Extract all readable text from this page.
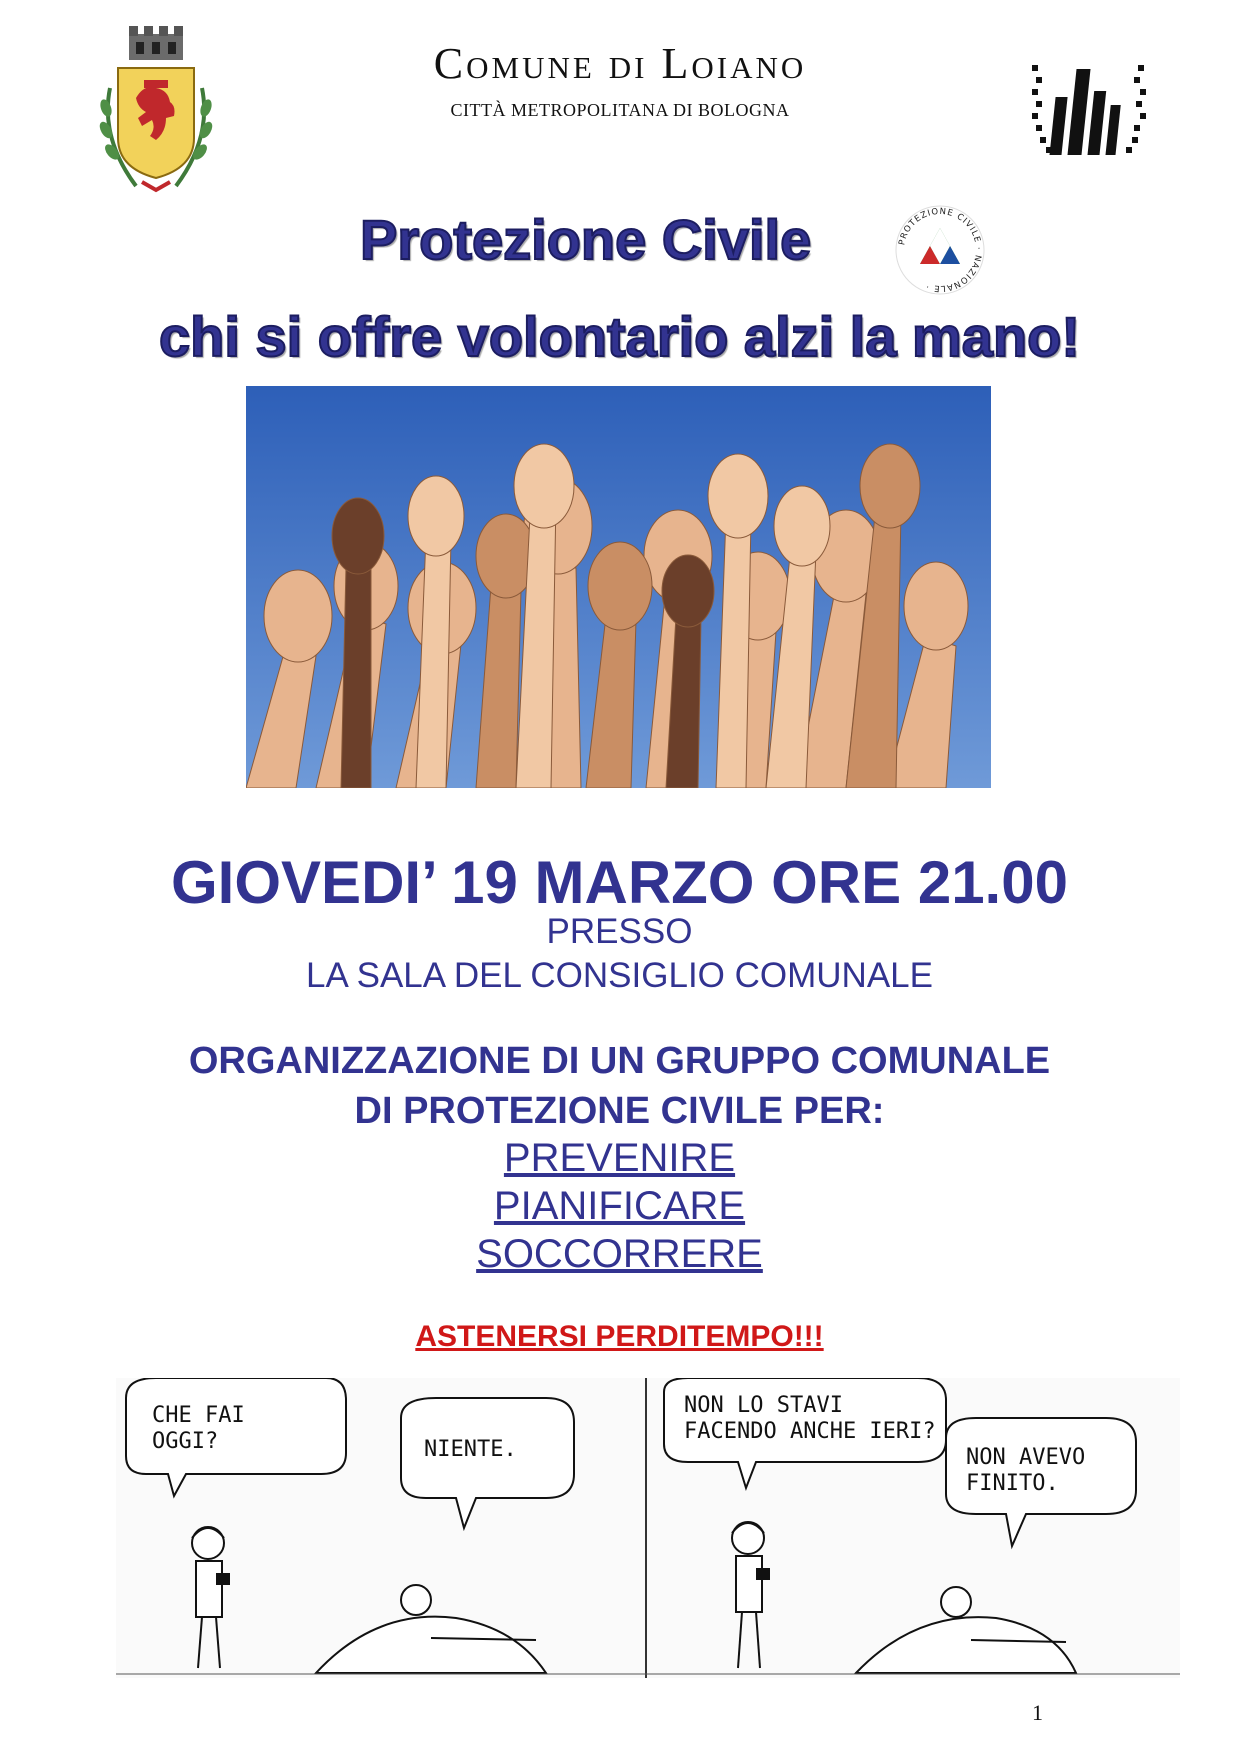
Comune di Loiano
CITTÀ METROPOLITANA DI BOLOGNA
Protezione Civile	PROTEZIONE CIVILE · NAZIONALE ·
chi si offre volontario alzi la mano!
GIOVEDI’ 19 MARZO ORE 21.00
PRESSO
LA SALA DEL CONSIGLIO COMUNALE
ORGANIZZAZIONE DI UN GRUPPO COMUNALE
DI PROTEZIONE CIVILE PER:
PREVENIRE
PIANIFICARE
SOCCORRERE
ASTENERSI PERDITEMPO!!!
CHE FAI
OGGI?	NIENTE.
NON LO STAVI
FACENDO ANCHE IERI?
NON AVEVO
FINITO.
1
